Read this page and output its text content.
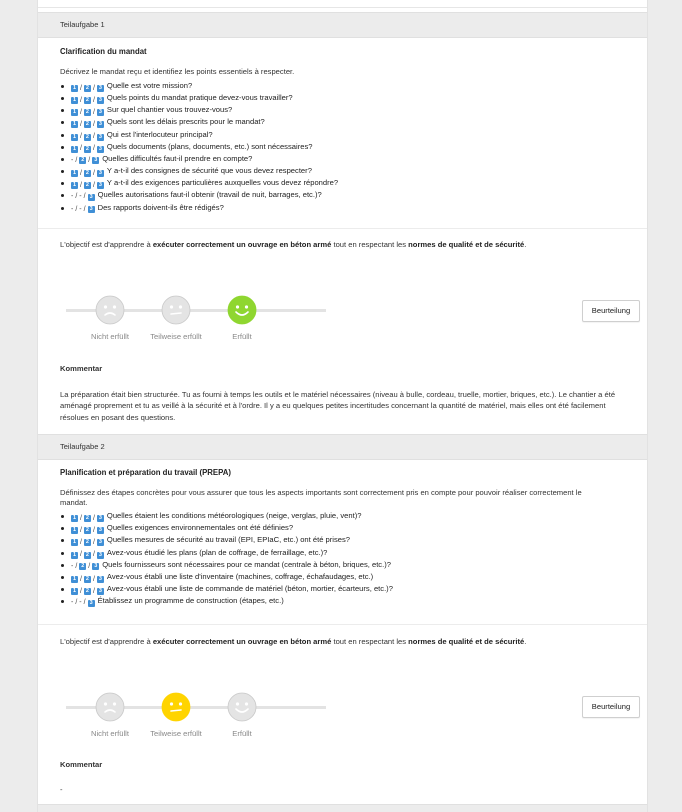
Teilaufgabe 1
Clarification du mandat
Décrivez le mandat reçu et identifiez les points essentiels à respecter.
1 / 2 / 3 Quelle est votre mission?
1 / 2 / 3 Quels points du mandat pratique devez-vous travailler?
1 / 2 / 3 Sur quel chantier vous trouvez-vous?
1 / 2 / 3 Quels sont les délais prescrits pour le mandat?
1 / 2 / 3 Qui est l'interlocuteur principal?
1 / 2 / 3 Quels documents (plans, documents, etc.) sont nécessaires?
- / 2 / 3 Quelles difficultés faut-il prendre en compte?
1 / 2 / 3 Y a-t-il des consignes de sécurité que vous devez respecter?
1 / 2 / 3 Y a-t-il des exigences particulières auxquelles vous devez répondre?
- / - / 3 Quelles autorisations faut-il obtenir (travail de nuit, barrages, etc.)?
- / - / 3 Des rapports doivent-ils être rédigés?
L'objectif est d'apprendre à exécuter correctement un ouvrage en béton armé tout en respectant les normes de qualité et de sécurité.
Nicht erfüllt	Teilweise erfüllt	Erfüllt
Beurteilung
Kommentar
La préparation était bien structurée. Tu as fourni à temps les outils et le matériel nécessaires (niveau à bulle, cordeau, truelle, mortier, briques, etc.). Le chantier a été aménagé proprement et tu as veillé à la sécurité et à l'ordre. Il y a eu quelques petites incertitudes concernant la quantité de matériel, mais elles ont été facilement résolues en posant des questions.
Teilaufgabe 2
Planification et préparation du travail (PREPA)
Définissez des étapes concrètes pour vous assurer que tous les aspects importants sont correctement pris en compte pour pouvoir réaliser correctement le mandat.
1 / 2 / 3 Quelles étaient les conditions météorologiques (neige, verglas, pluie, vent)?
1 / 2 / 3 Quelles exigences environnementales ont été définies?
1 / 2 / 3 Quelles mesures de sécurité au travail (EPI, EPIaC, etc.) ont été prises?
1 / 2 / 3 Avez-vous étudié les plans (plan de coffrage, de ferraillage, etc.)?
- / 2 / 3 Quels fournisseurs sont nécessaires pour ce mandat (centrale à béton, briques, etc.)?
1 / 2 / 3 Avez-vous établi une liste d'inventaire (machines, coffrage, échafaudages, etc.)
1 / 2 / 3 Avez-vous établi une liste de commande de matériel (béton, mortier, écarteurs, etc.)?
- / - / 3 Établissez un programme de construction (étapes, etc.)
L'objectif est d'apprendre à exécuter correctement un ouvrage en béton armé tout en respectant les normes de qualité et de sécurité.
Nicht erfüllt	Teilweise erfüllt	Erfüllt
Beurteilung
Kommentar
-
